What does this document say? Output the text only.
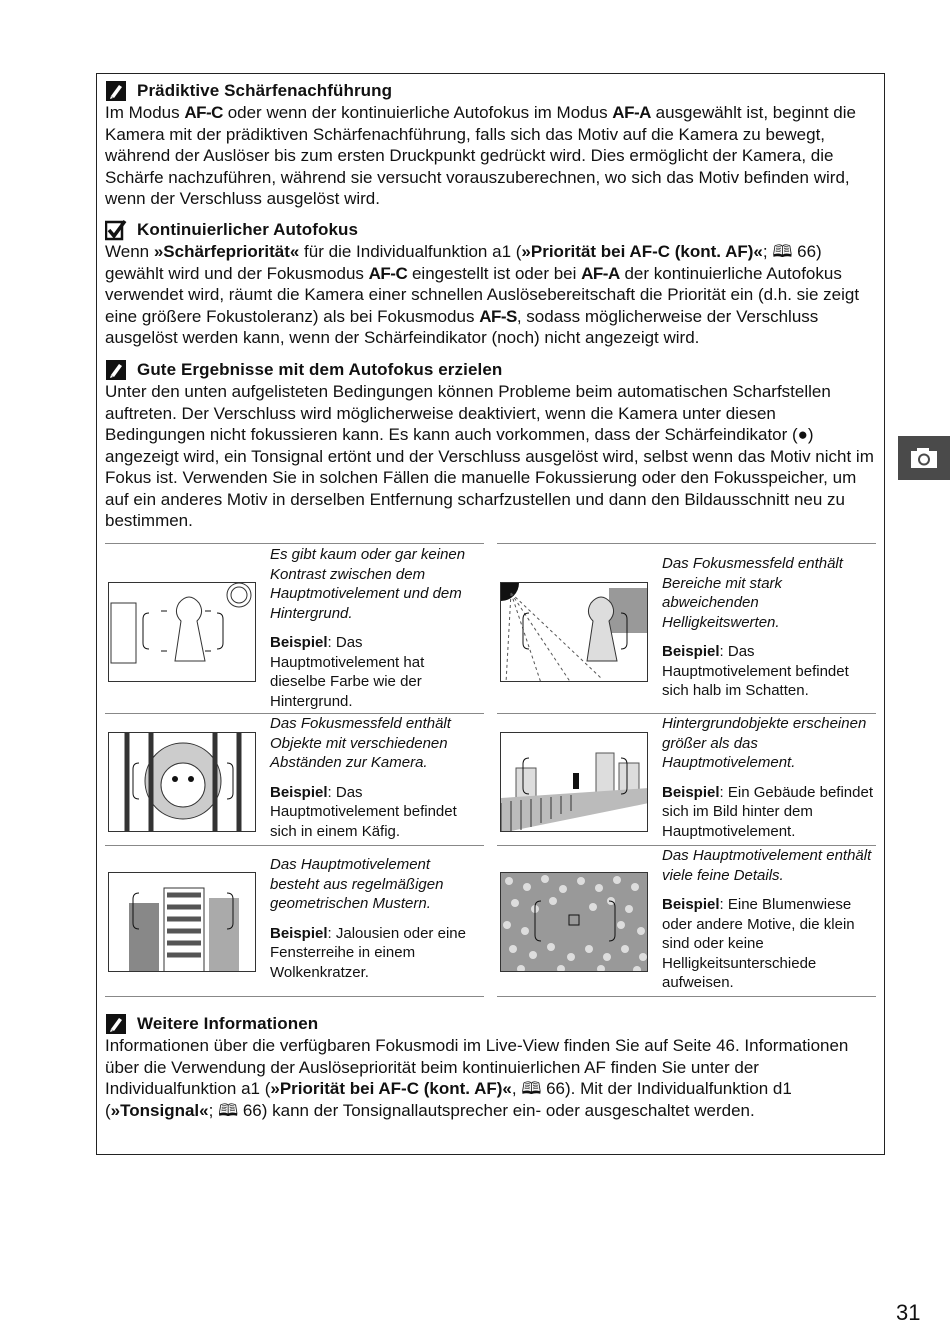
Prädiktive Schärfenachführung

Im Modus AF-C oder wenn der kontinuierliche Autofokus im Modus AF-A ausgewählt ist, beginnt die Kamera mit der prädiktiven Schärfenachführung, falls sich das Motiv auf die Kamera zu bewegt, während der Auslöser bis zum ersten Druckpunkt gedrückt wird. Dies ermöglicht der Kamera, die Schärfe nachzuführen, während sie versucht vorauszuberechnen, wo sich das Motiv befinden wird, wenn der Verschluss ausgelöst wird.

Kontinuierlicher Autofokus

Wenn »Schärfepriorität« für die Individualfunktion a1 (»Priorität bei AF-C (kont. AF)«; 🕮 66) gewählt wird und der Fokusmodus AF-C eingestellt ist oder bei AF-A der kontinuierliche Autofokus verwendet wird, räumt die Kamera einer schnellen Auslösebereitschaft die Priorität ein (d.h. sie zeigt eine größere Fokustoleranz) als bei Fokusmodus AF-S, sodass möglicherweise der Verschluss ausgelöst werden kann, wenn der Schärfeindikator (noch) nicht angezeigt wird.

Gute Ergebnisse mit dem Autofokus erzielen

Unter den unten aufgelisteten Bedingungen können Probleme beim automatischen Scharfstellen auftreten. Der Verschluss wird möglicherweise deaktiviert, wenn die Kamera unter diesen Bedingungen nicht fokussieren kann. Es kann auch vorkommen, dass der Schärfeindikator (●) angezeigt wird, ein Tonsignal ertönt und der Verschluss ausgelöst wird, selbst wenn das Motiv nicht im Fokus ist. Verwenden Sie in solchen Fällen die manuelle Fokussierung oder den Fokusspeicher, um auf ein anderes Motiv in derselben Entfernung scharfzustellen und dann den Bildausschnitt neu zu bestimmen.

Es gibt kaum oder gar keinen Kontrast zwischen dem Hauptmotivelement und dem Hintergrund.
Beispiel: Das Hauptmotivelement hat dieselbe Farbe wie der Hintergrund.
Das Fokusmessfeld enthält Bereiche mit stark abweichenden Helligkeitswerten.
Beispiel: Das Hauptmotivelement befindet sich halb im Schatten.
Das Fokusmessfeld enthält Objekte mit verschiedenen Abständen zur Kamera.
Beispiel: Das Hauptmotivelement befindet sich in einem Käfig.
Hintergrundobjekte erscheinen größer als das Hauptmotivelement.
Beispiel: Ein Gebäude befindet sich im Bild hinter dem Hauptmotivelement.
Das Hauptmotivelement besteht aus regelmäßigen geometrischen Mustern.
Beispiel: Jalousien oder eine Fensterreihe in einem Wolkenkratzer.
Das Hauptmotivelement enthält viele feine Details.
Beispiel: Eine Blumenwiese oder andere Motive, die klein sind oder keine Helligkeitsunterschiede aufweisen.
Weitere Informationen

Informationen über die verfügbaren Fokusmodi im Live-View finden Sie auf Seite 46. Informationen über die Verwendung der Auslösepriorität beim kontinuierlichen AF finden Sie unter der Individualfunktion a1 (»Priorität bei AF-C (kont. AF)«, 🕮 66). Mit der Individualfunktion d1 (»Tonsignal«; 🕮 66) kann der Tonsignallautsprecher ein- oder ausgeschaltet werden.

31
